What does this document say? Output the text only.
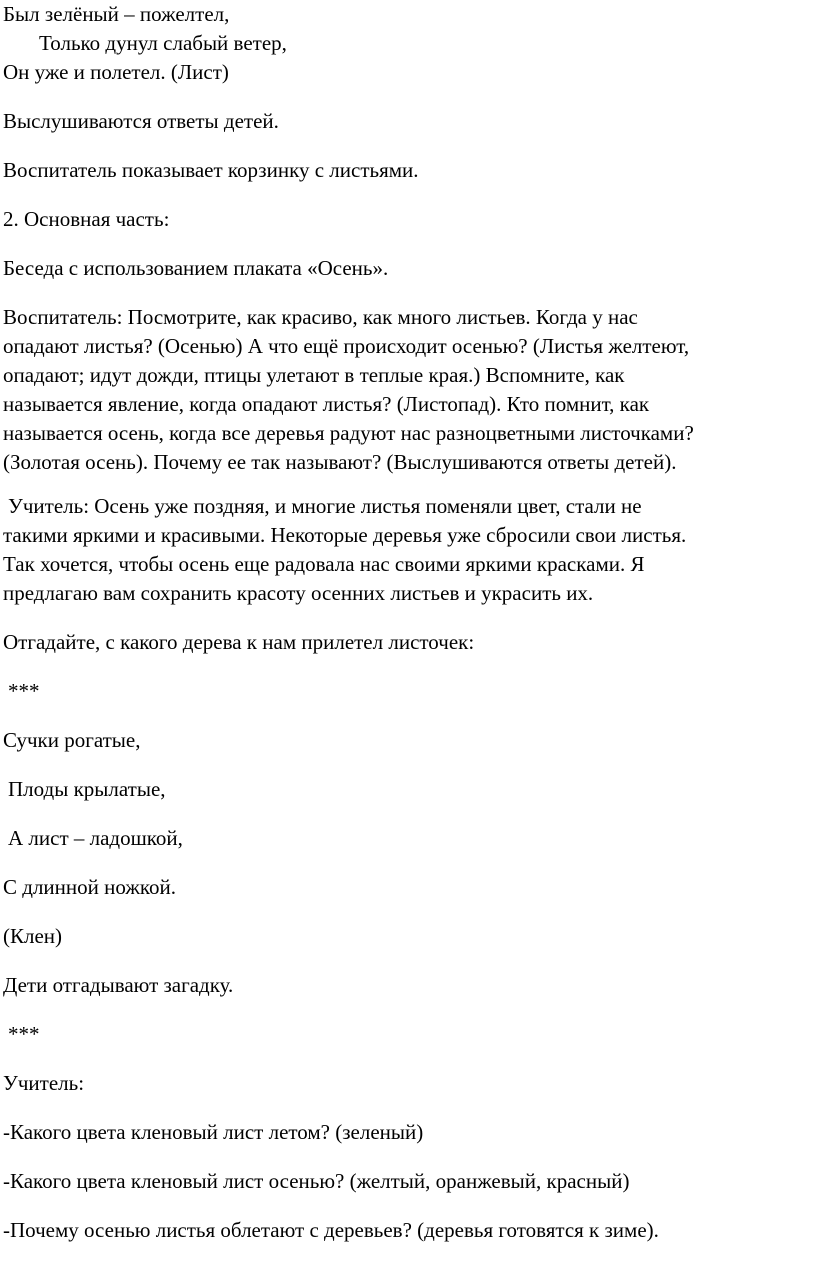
Был зелёный – пожелтел,
Только дунул слабый ветер,
Он уже и полетел. (Лист)
Выслушиваются ответы детей.
Воспитатель показывает корзинку с листьями.
2. Основная часть:
Беседа с использованием плаката «Осень».
Воспитатель: Посмотрите, как красиво, как много листьев. Когда у нас
опадают листья? (Осенью) А что ещё происходит осенью? (Листья желтеют,
опадают; идут дожди, птицы улетают в теплые края.) Вспомните, как
называется явление, когда опадают листья? (Листопад). Кто помнит, как
называется осень, когда все деревья радуют нас разноцветными листочками?
(Золотая осень). Почему ее так называют? (Выслушиваются ответы детей).
Учитель: Осень уже поздняя, и многие листья поменяли цвет, стали не
такими яркими и красивыми. Некоторые деревья уже сбросили свои листья.
Так хочется, чтобы осень еще радовала нас своими яркими красками. Я
предлагаю вам сохранить красоту осенних листьев и украсить их.
Отгадайте, с какого дерева к нам прилетел листочек:
***
Сучки рогатые,
Плоды крылатые,
А лист – ладошкой,
С длинной ножкой.
(Клен)
Дети отгадывают загадку.
***
Учитель:
-Какого цвета кленовый лист летом? (зеленый)
-Какого цвета кленовый лист осенью? (желтый, оранжевый, красный)
-Почему осенью листья облетают с деревьев? (деревья готовятся к зиме).
